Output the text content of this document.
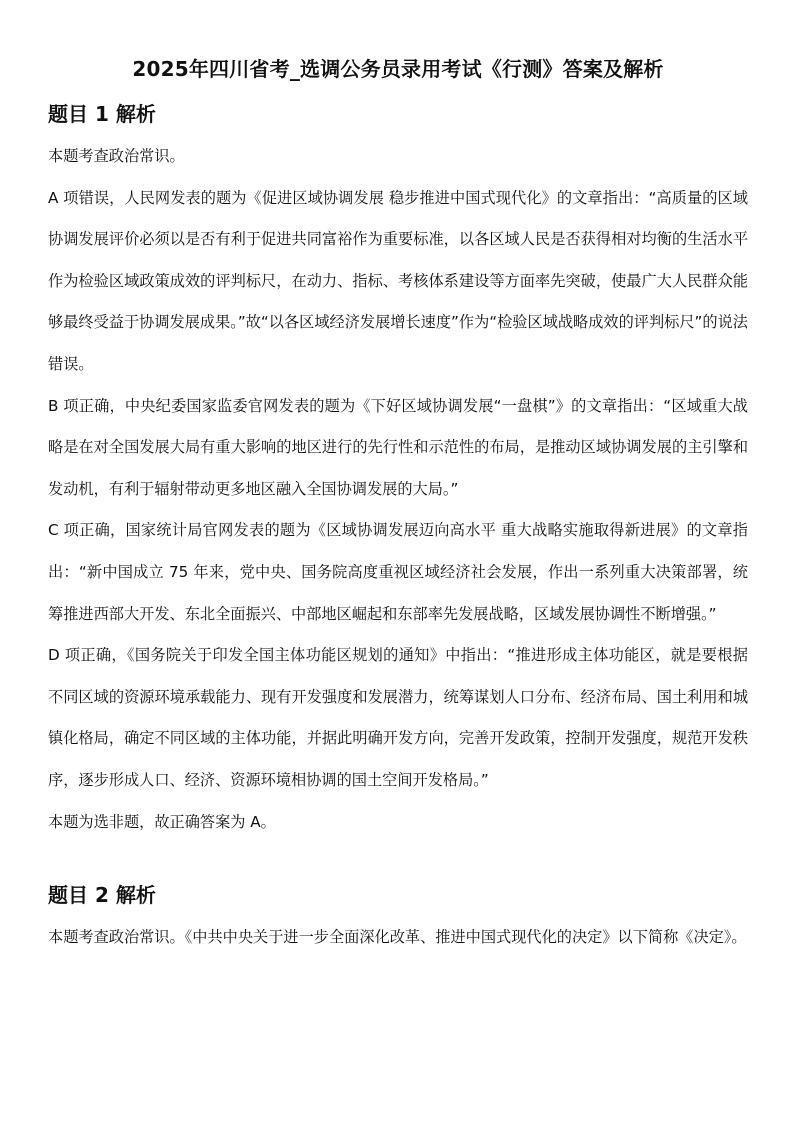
2025年四川省考_选调公务员录用考试《行测》答案及解析
题目 1 解析

本题考查政治常识。

A 项错误，人民网发表的题为《促进区域协调发展 稳步推进中国式现代化》的文章指出：“高质量的区域协调发展评价必须以是否有利于促进共同富裕作为重要标准，以各区域人民是否获得相对均衡的生活水平作为检验区域政策成效的评判标尺，在动力、指标、考核体系建设等方面率先突破，使最广大人民群众能够最终受益于协调发展成果。”故“以各区域经济发展增长速度”作为“检验区域战略成效的评判标尺”的说法错误。

B 项正确，中央纪委国家监委官网发表的题为《下好区域协调发展“一盘棋”》的文章指出：“区域重大战略是在对全国发展大局有重大影响的地区进行的先行性和示范性的布局，是推动区域协调发展的主引擎和发动机，有利于辐射带动更多地区融入全国协调发展的大局。”

C 项正确，国家统计局官网发表的题为《区域协调发展迈向高水平 重大战略实施取得新进展》的文章指出：“新中国成立 75 年来，党中央、国务院高度重视区域经济社会发展，作出一系列重大决策部署，统筹推进西部大开发、东北全面振兴、中部地区崛起和东部率先发展战略，区域发展协调性不断增强。”

D 项正确，《国务院关于印发全国主体功能区规划的通知》中指出：“推进形成主体功能区，就是要根据不同区域的资源环境承载能力、现有开发强度和发展潜力，统筹谋划人口分布、经济布局、国土利用和城镇化格局，确定不同区域的主体功能，并据此明确开发方向，完善开发政策，控制开发强度，规范开发秩序，逐步形成人口、经济、资源环境相协调的国土空间开发格局。”

本题为选非题，故正确答案为 A。

题目 2 解析

本题考查政治常识。《中共中央关于进一步全面深化改革、推进中国式现代化的决定》以下简称《决定》。
